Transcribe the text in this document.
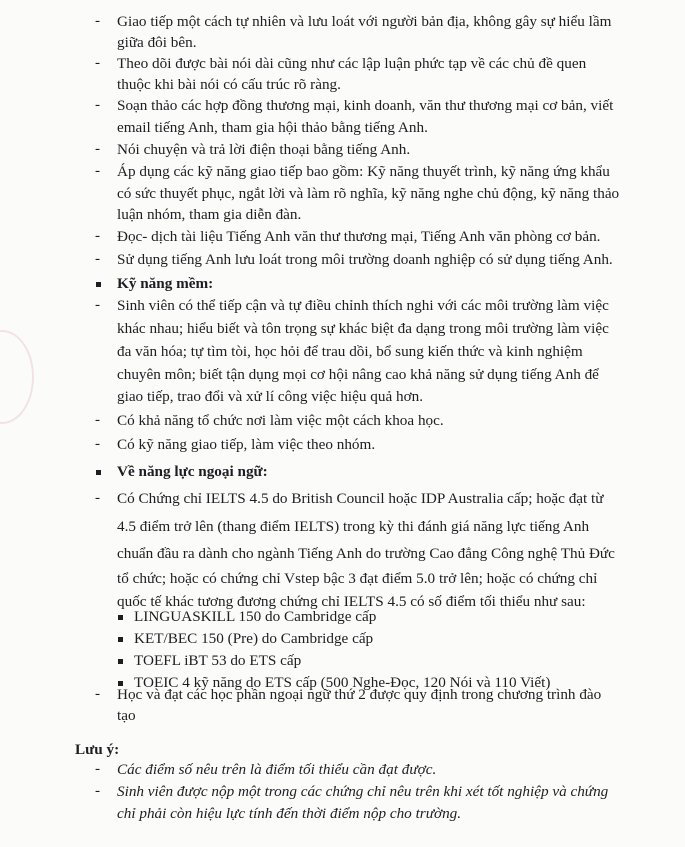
- Giao tiếp một cách tự nhiên và lưu loát với người bản địa, không gây sự hiểu lầm
giữa đôi bên.
- Theo dõi được bài nói dài cũng như các lập luận phức tạp về các chủ đề quen
thuộc khi bài nói có cấu trúc rõ ràng.
- Soạn thảo các hợp đồng thương mại, kinh doanh, văn thư thương mại cơ bản, viết
email tiếng Anh, tham gia hội thảo bằng tiếng Anh.
- Nói chuyện và trả lời điện thoại bằng tiếng Anh.
- Áp dụng các kỹ năng giao tiếp bao gồm: Kỹ năng thuyết trình, kỹ năng ứng khẩu
có sức thuyết phục, ngắt lời và làm rõ nghĩa, kỹ năng nghe chủ động, kỹ năng thảo
luận nhóm, tham gia diễn đàn.
- Đọc- dịch tài liệu Tiếng Anh văn thư thương mại, Tiếng Anh văn phòng cơ bản.
- Sử dụng tiếng Anh lưu loát trong môi trường doanh nghiệp có sử dụng tiếng Anh.
Kỹ năng mềm:
- Sinh viên có thể tiếp cận và tự điều chỉnh thích nghi với các môi trường làm việc
khác nhau; hiểu biết và tôn trọng sự khác biệt đa dạng trong môi trường làm việc
đa văn hóa; tự tìm tòi, học hỏi để trau dồi, bổ sung kiến thức và kinh nghiệm
chuyên môn; biết tận dụng mọi cơ hội nâng cao khả năng sử dụng tiếng Anh để
giao tiếp, trao đổi và xử lí công việc hiệu quả hơn.
- Có khả năng tổ chức nơi làm việc một cách khoa học.
- Có kỹ năng giao tiếp, làm việc theo nhóm.
Về năng lực ngoại ngữ:
- Có Chứng chỉ IELTS 4.5 do British Council hoặc IDP Australia cấp; hoặc đạt từ
4.5 điểm trở lên (thang điểm IELTS) trong kỳ thi đánh giá năng lực tiếng Anh
chuẩn đầu ra dành cho ngành Tiếng Anh do trường Cao đẳng Công nghệ Thủ Đức
tổ chức; hoặc có chứng chỉ Vstep bậc 3 đạt điểm 5.0 trở lên; hoặc có chứng chỉ
quốc tế khác tương đương chứng chỉ IELTS 4.5 có số điểm tối thiểu như sau:
LINGUASKILL 150 do Cambridge cấp
KET/BEC 150 (Pre) do Cambridge cấp
TOEFL iBT 53 do ETS cấp
TOEIC 4 kỹ năng do ETS cấp (500 Nghe-Đọc, 120 Nói và 110 Viết)
- Học và đạt các học phần ngoại ngữ thứ 2 được quy định trong chương trình đào
tạo
Lưu ý:
chỉ phải còn hiệu lực tính đến thời điểm nộp cho trường.
- Các điểm số nêu trên là điểm tối thiểu cần đạt được.
- Sinh viên được nộp một trong các chứng chỉ nêu trên khi xét tốt nghiệp và chứng
